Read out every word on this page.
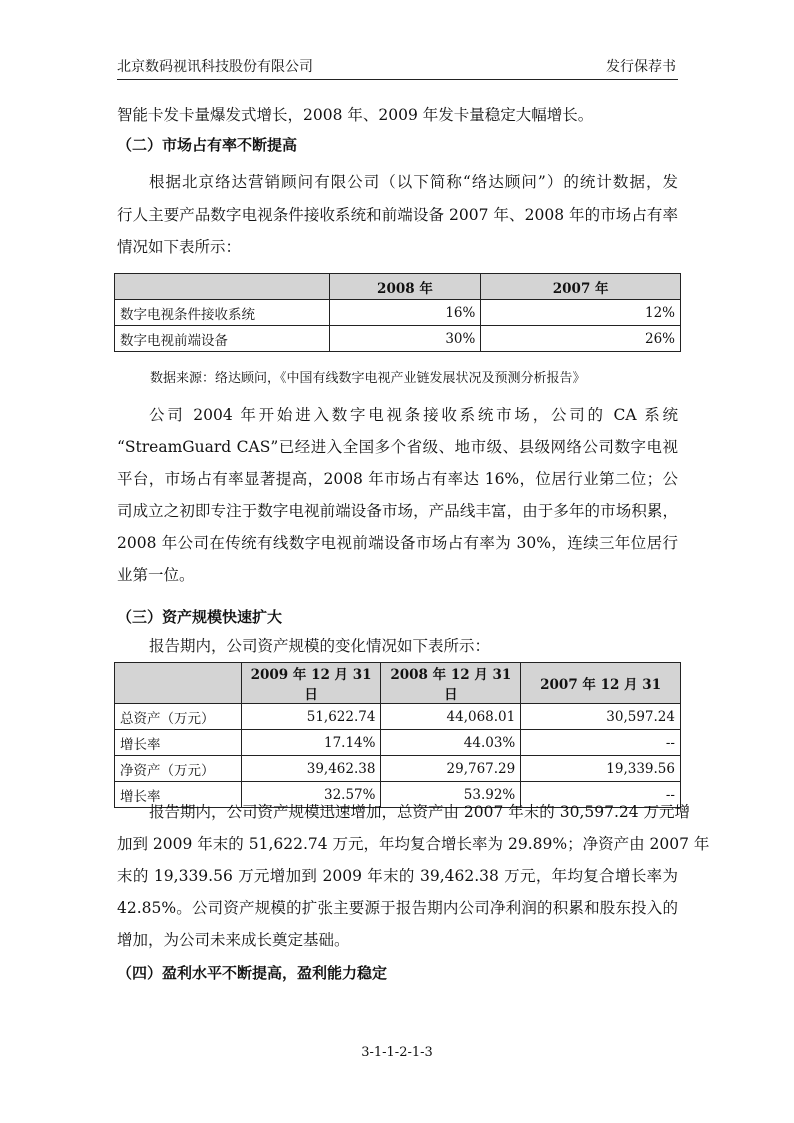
北京数码视讯科技股份有限公司	发行保荐书
智能卡发卡量爆发式增长，2008 年、2009 年发卡量稳定大幅增长。
（二）市场占有率不断提高
根据北京络达营销顾问有限公司（以下简称“络达顾问”）的统计数据，发
行人主要产品数字电视条件接收系统和前端设备 2007 年、2008 年的市场占有率
情况如下表所示：
	2008 年	2007 年
数字电视条件接收系统	16%	12%
数字电视前端设备	30%	26%
数据来源：络达顾问，《中国有线数字电视产业链发展状况及预测分析报告》
公司 2004 年开始进入数字电视条接收系统市场，公司的 CA 系统
“StreamGuard CAS”已经进入全国多个省级、地市级、县级网络公司数字电视
平台，市场占有率显著提高，2008 年市场占有率达 16%，位居行业第二位；公
司成立之初即专注于数字电视前端设备市场，产品线丰富，由于多年的市场积累，
2008 年公司在传统有线数字电视前端设备市场占有率为 30%，连续三年位居行
业第一位。
（三）资产规模快速扩大
报告期内，公司资产规模的变化情况如下表所示：
	2009 年 12 月 31 日	2008 年 12 月 31 日	2007 年 12 月 31
总资产（万元）	51,622.74	44,068.01	30,597.24
增长率	17.14%	44.03%	--
净资产（万元）	39,462.38	29,767.29	19,339.56
增长率	32.57%	53.92%	--
报告期内，公司资产规模迅速增加，总资产由 2007 年末的 30,597.24 万元增
加到 2009 年末的 51,622.74 万元，年均复合增长率为 29.89%；净资产由 2007 年
末的 19,339.56 万元增加到 2009 年末的 39,462.38 万元，年均复合增长率为
42.85%。公司资产规模的扩张主要源于报告期内公司净利润的积累和股东投入的
增加，为公司未来成长奠定基础。
（四）盈利水平不断提高，盈利能力稳定
3-1-1-2-1-3
